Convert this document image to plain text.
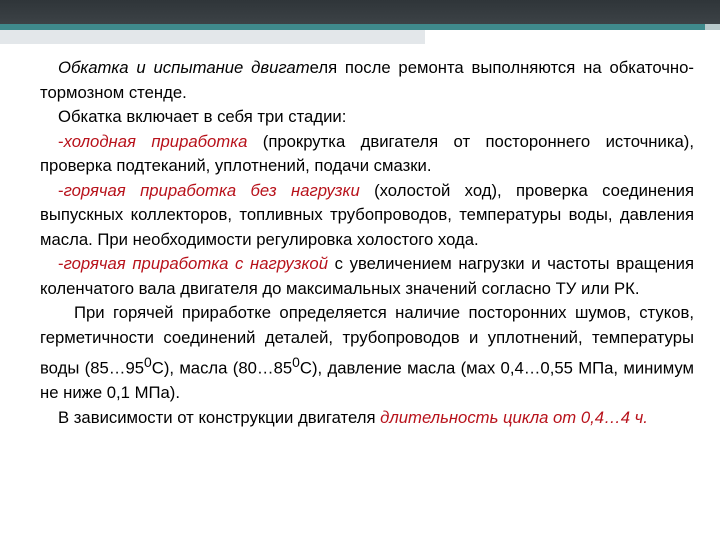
Обкатка и испытание двигателя после ремонта выполняются на обкаточно-тормозном стенде.

Обкатка включает в себя три стадии:

-холодная приработка (прокрутка двигателя от постороннего источника), проверка подтеканий, уплотнений, подачи смазки.

-горячая приработка без нагрузки (холостой ход), проверка соединения выпускных коллекторов, топливных трубопроводов, температуры воды, давления масла. При необходимости регулировка холостого хода.

-горячая приработка с нагрузкой с увеличением нагрузки и частоты вращения коленчатого вала двигателя до максимальных значений согласно ТУ или РК.

При горячей приработке определяется наличие посторонних шумов, стуков, герметичности соединений деталей, трубопроводов и уплотнений, температуры воды $(85\dots 95^0С)$, масла $(80\dots 85^0С)$, давление масла (мах 0,4…0,55 МПа, минимум не ниже 0,1 МПа).

В зависимости от конструкции двигателя длительность цикла от 0,4…4 ч.
